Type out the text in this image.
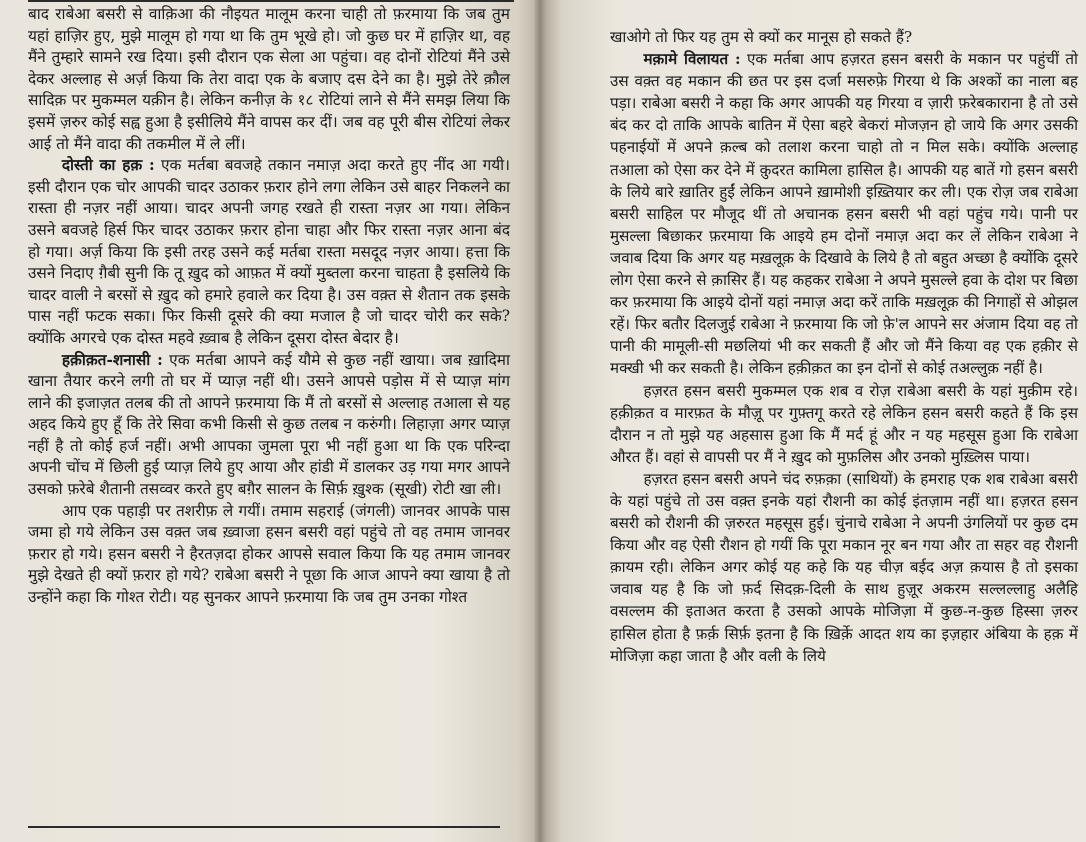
बाद राबेआ बसरी से वाक़िआ की नौइयत मालूम करना चाही तो फ़रमाया कि जब तुम यहां हाज़िर हुए, मुझे मालूम हो गया था कि तुम भूखे हो। जो कुछ घर में हाज़िर था, वह मैंने तुम्हारे सामने रख दिया। इसी दौरान एक सेला आ पहुंचा। वह दोनों रोटियां मैंने उसे देकर अल्लाह से अर्ज़ किया कि तेरा वादा एक के बजाए दस देने का है। मुझे तेरे क़ौल सादिक़ पर मुकम्मल यक़ीन है। लेकिन कनीज़ के १८ रोटियां लाने से मैंने समझ लिया कि इसमें ज़रुर कोई सह्व हुआ है इसीलिये मैंने वापस कर दीं। जब वह पूरी बीस रोटियां लेकर आई तो मैंने वादा की तकमील में ले लीं।

दोस्ती का हक़ : एक मर्तबा बवजहे तकान नमाज़ अदा करते हुए नींद आ गयी। इसी दौरान एक चोर आपकी चादर उठाकर फ़रार होने लगा लेकिन उसे बाहर निकलने का रास्ता ही नज़र नहीं आया। चादर अपनी जगह रखते ही रास्ता नज़र आ गया। लेकिन उसने बवजहे हिर्स फिर चादर उठाकर फ़रार होना चाहा और फिर रास्ता नज़र आना बंद हो गया। अर्ज़ किया कि इसी तरह उसने कई मर्तबा रास्ता मसदूद नज़र आया। हत्ता कि उसने निदाए ग़ैबी सुनी कि तू ख़ुद को आफ़त में क्यों मुब्तला करना चाहता है इसलिये कि चादर वाली ने बरसों से ख़ुद को हमारे हवाले कर दिया है। उस वक़्त से शैतान तक इसके पास नहीं फटक सका। फिर किसी दूसरे की क्या मजाल है जो चादर चोरी कर सके? क्योंकि अगरचे एक दोस्त महवे ख़्वाब है लेकिन दूसरा दोस्त बेदार है।

हक़ीक़त-शनासी : एक मर्तबा आपने कई यौमे से कुछ नहीं खाया। जब ख़ादिमा खाना तैयार करने लगी तो घर में प्याज़ नहीं थी। उसने आपसे पड़ोस में से प्याज़ मांग लाने की इजाज़त तलब की तो आपने फ़रमाया कि मैं तो बरसों से अल्लाह तआला से यह अहद किये हुए हूँ कि तेरे सिवा कभी किसी से कुछ तलब न करुंगी। लिहाज़ा अगर प्याज़ नहीं है तो कोई हर्ज नहीं। अभी आपका जुमला पूरा भी नहीं हुआ था कि एक परिन्दा अपनी चोंच में छिली हुई प्याज़ लिये हुए आया और हांडी में डालकर उड़ गया मगर आपने उसको फ़रेबे शैतानी तसव्वर करते हुए बग़ैर सालन के सिर्फ़ ख़ुश्क (सूखी) रोटी खा ली।

आप एक पहाड़ी पर तशरीफ़ ले गयीं। तमाम सहराई (जंगली) जानवर आपके पास जमा हो गये लेकिन उस वक़्त जब ख़्वाजा हसन बसरी वहां पहुंचे तो वह तमाम जानवर फ़रार हो गये। हसन बसरी ने हैरतज़दा होकर आपसे सवाल किया कि यह तमाम जानवर मुझे देखते ही क्यों फ़रार हो गये? राबेआ बसरी ने पूछा कि आज आपने क्या खाया है तो उन्होंने कहा कि गोश्त रोटी। यह सुनकर आपने फ़रमाया कि जब तुम उनका गोश्त

खाओगे तो फिर यह तुम से क्यों कर मानूस हो सकते हैं?

मक़ामे विलायत : एक मर्तबा आप हज़रत हसन बसरी के मकान पर पहुंचीं तो उस वक़्त वह मकान की छत पर इस दर्जा मसरुफ़े गिरया थे कि अश्कों का नाला बह पड़ा। राबेआ बसरी ने कहा कि अगर आपकी यह गिरया व ज़ारी फ़रेबकाराना है तो उसे बंद कर दो ताकि आपके बातिन में ऐसा बहरे बेकरां मोजज़न हो जाये कि अगर उसकी पहनाईयों में अपने क़ल्ब को तलाश करना चाहो तो न मिल सके। क्योंकि अल्लाह तआला को ऐसा कर देने में क़ुदरत कामिला हासिल है। आपकी यह बातें गो हसन बसरी के लिये बारे ख़ातिर हुईं लेकिन आपने ख़ामोशी इख़्तियार कर ली। एक रोज़ जब राबेआ बसरी साहिल पर मौजूद थीं तो अचानक हसन बसरी भी वहां पहुंच गये। पानी पर मुसल्ला बिछाकर फ़रमाया कि आइये हम दोनों नमाज़ अदा कर लें लेकिन राबेआ ने जवाब दिया कि अगर यह मख़लूक़ के दिखावे के लिये है तो बहुत अच्छा है क्योंकि दूसरे लोग ऐसा करने से क़ासिर हैं। यह कहकर राबेआ ने अपने मुसल्ले हवा के दोश पर बिछा कर फ़रमाया कि आइये दोनों यहां नमाज़ अदा करें ताकि मख़लूक़ की निगाहों से ओझल रहें। फिर बतौर दिलजुई राबेआ ने फ़रमाया कि जो फ़े'ल आपने सर अंजाम दिया वह तो पानी की मामूली-सी मछलियां भी कर सकती हैं और जो मैंने किया वह एक हक़ीर से मक्खी भी कर सकती है। लेकिन हक़ीक़त का इन दोनों से कोई तअल्लुक़ नहीं है।

हज़रत हसन बसरी मुकम्मल एक शब व रोज़ राबेआ बसरी के यहां मुक़ीम रहे। हक़ीक़त व मारफ़त के मौज़ू पर गुफ़्तगू करते रहे लेकिन हसन बसरी कहते हैं कि इस दौरान न तो मुझे यह अहसास हुआ कि मैं मर्द हूं और न यह महसूस हुआ कि राबेआ औरत हैं। वहां से वापसी पर मैं ने ख़ुद को मुफ़लिस और उनको मुख़्लिस पाया।

हज़रत हसन बसरी अपने चंद रुफ़क़ा (साथियों) के हमराह एक शब राबेआ बसरी के यहां पहुंचे तो उस वक़्त इनके यहां रौशनी का कोई इंतज़ाम नहीं था। हज़रत हसन बसरी को रौशनी की ज़रुरत महसूस हुई। चुंनाचे राबेआ ने अपनी उंगलियों पर कुछ दम किया और वह ऐसी रौशन हो गयीं कि पूरा मकान नूर बन गया और ता सहर वह रौशनी क़ायम रही। लेकिन अगर कोई यह कहे कि यह चीज़ बईद अज़ क़यास है तो इसका जवाब यह है कि जो फ़र्द सिदक़-दिली के साथ हुज़ूर अकरम सल्लल्लाहु अलैहि वसल्लम की इताअत करता है उसको आपके मोजिज़ा में कुछ-न-कुछ हिस्सा ज़रुर हासिल होता है फ़र्क़ सिर्फ़ इतना है कि ख़िर्क़े आदत शय का इज़हार अंबिया के हक़ में मोजिज़ा कहा जाता है और वली के लिये
